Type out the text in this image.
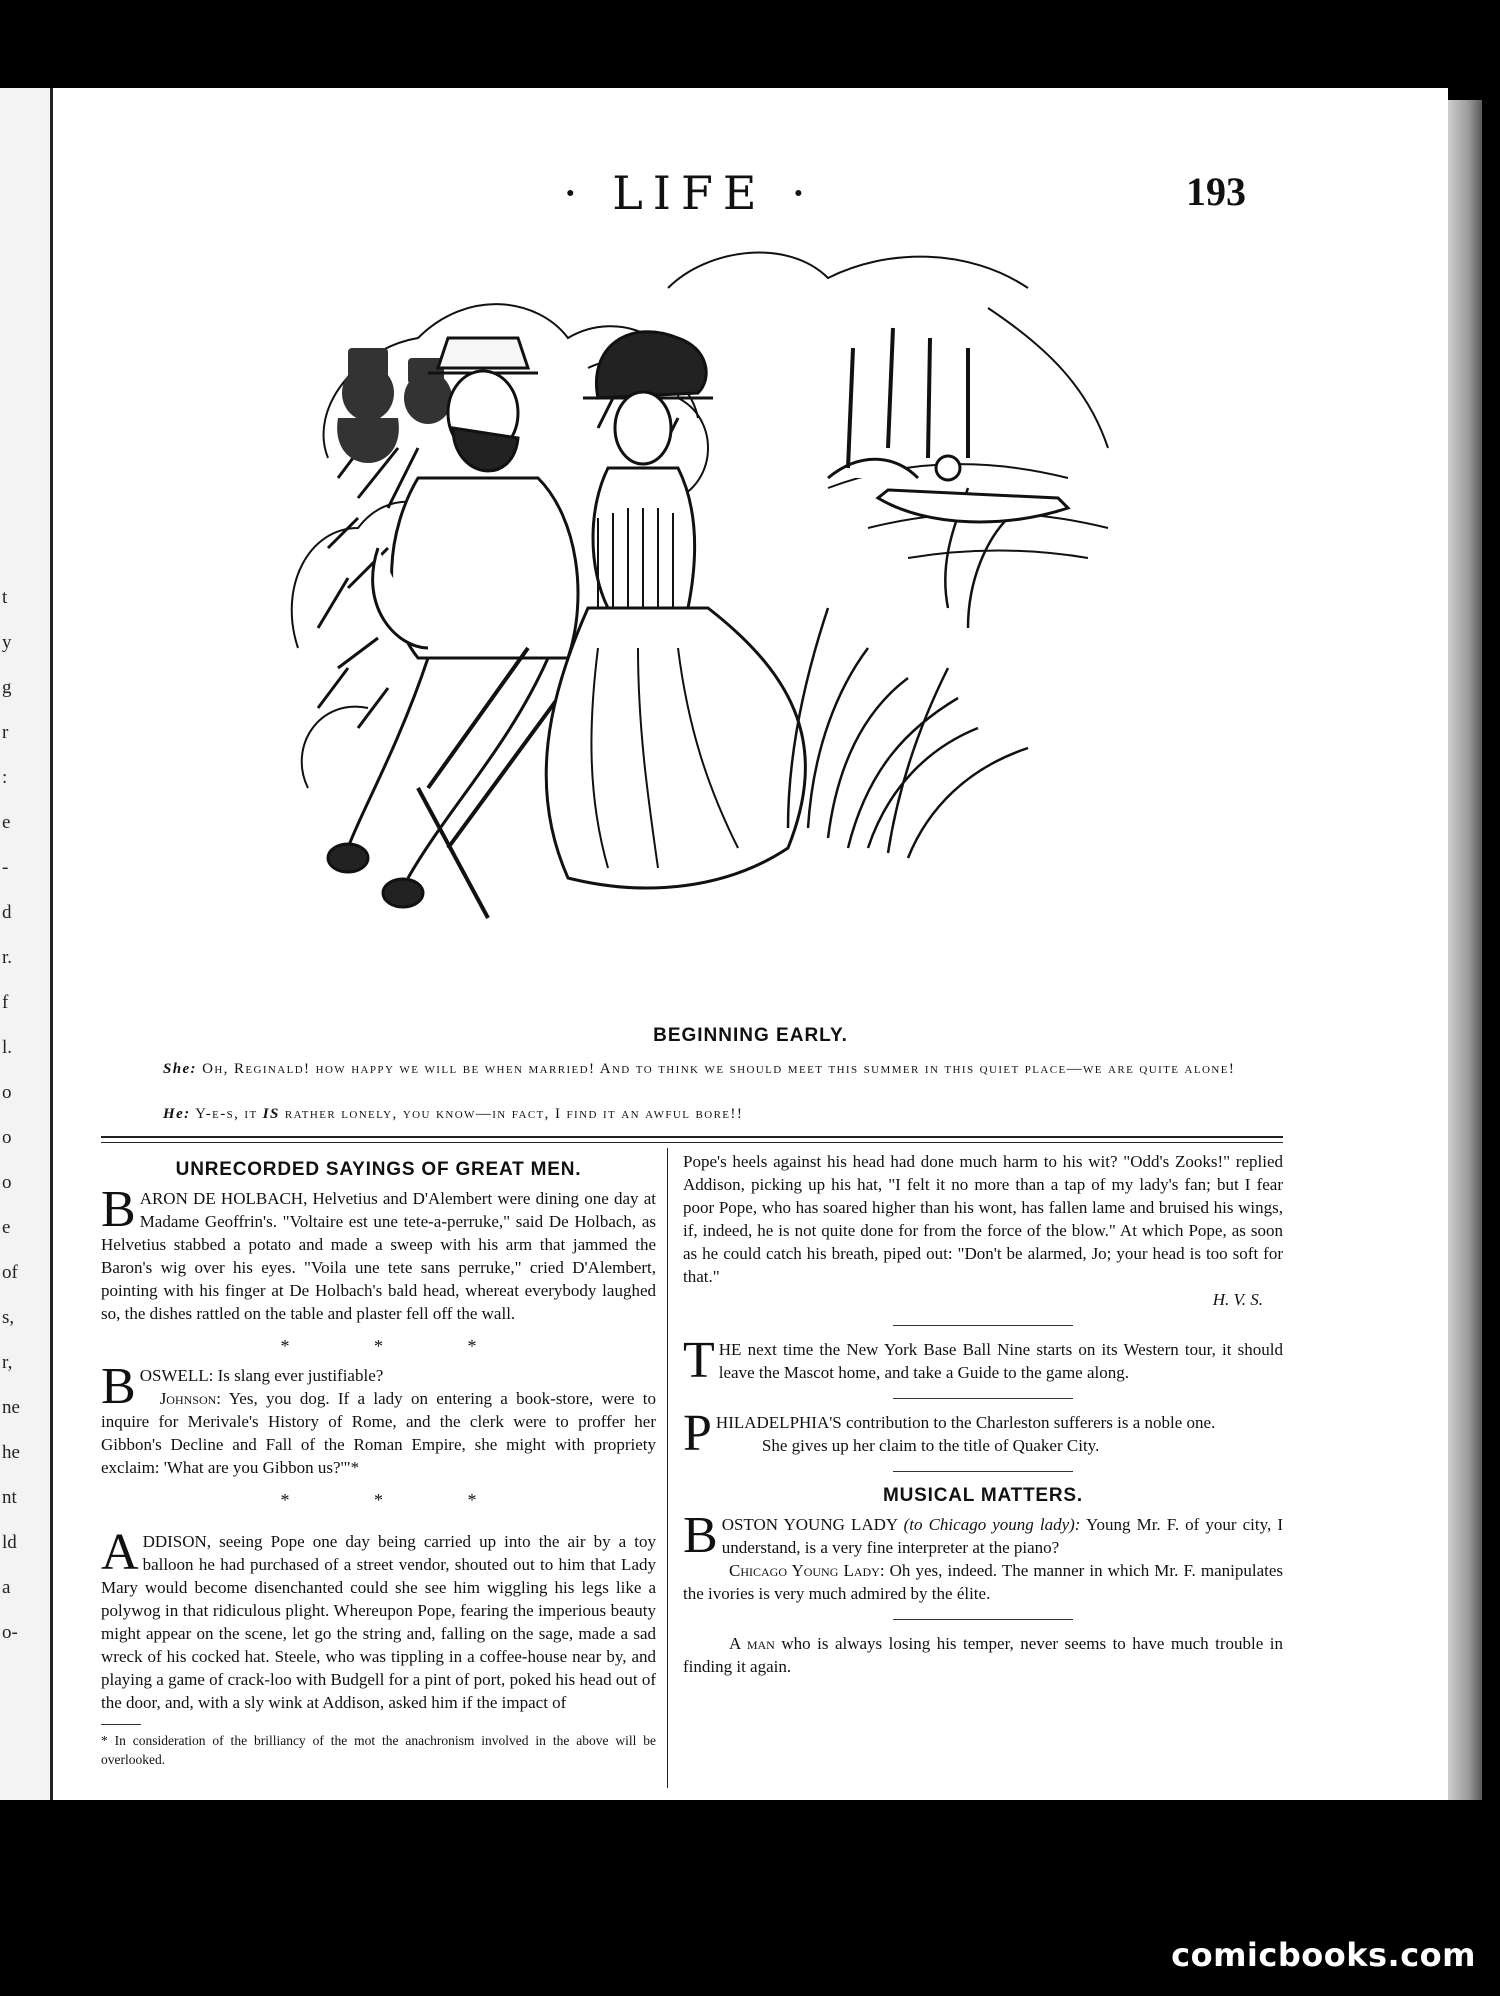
t
y
g
r
:
e
-
d
r.
f
l.
o
o
o
e
of
s,
r,
ne
he
nt
ld
a
o-
· LIFE ·	193
BEGINNING EARLY.
She: Oh, Reginald! how happy we will be when married! And to think we should meet this summer in this quiet place—we are quite alone!
He: Y-e-s, it IS rather lonely, you know—in fact, I find it an awful bore!!
UNRECORDED SAYINGS OF GREAT MEN.

BARON DE HOLBACH, Helvetius and D'Alembert were dining one day at Madame Geoffrin's. "Voltaire est une tete-a-perruke," said De Holbach, as Helvetius stabbed a potato and made a sweep with his arm that jammed the Baron's wig over his eyes. "Voila une tete sans perruke," cried D'Alembert, pointing with his finger at De Holbach's bald head, whereat everybody laughed so, the dishes rattled on the table and plaster fell off the wall.

* * *

BOSWELL: Is slang ever justifiable?
Johnson: Yes, you dog. If a lady on entering a book-store, were to inquire for Merivale's History of Rome, and the clerk were to proffer her Gibbon's Decline and Fall of the Roman Empire, she might with propriety exclaim: 'What are you Gibbon us?'"*

* * *

ADDISON, seeing Pope one day being carried up into the air by a toy balloon he had purchased of a street vendor, shouted out to him that Lady Mary would become disenchanted could she see him wiggling his legs like a polywog in that ridiculous plight. Whereupon Pope, fearing the imperious beauty might appear on the scene, let go the string and, falling on the sage, made a sad wreck of his cocked hat. Steele, who was tippling in a coffee-house near by, and playing a game of crack-loo with Budgell for a pint of port, poked his head out of the door, and, with a sly wink at Addison, asked him if the impact of

* In consideration of the brilliancy of the mot the anachronism involved in the above will be overlooked.

Pope's heels against his head had done much harm to his wit? "Odd's Zooks!" replied Addison, picking up his hat, "I felt it no more than a tap of my lady's fan; but I fear poor Pope, who has soared higher than his wont, has fallen lame and bruised his wings, if, indeed, he is not quite done for from the force of the blow." At which Pope, as soon as he could catch his breath, piped out: "Don't be alarmed, Jo; your head is too soft for that."

H. V. S.

THE next time the New York Base Ball Nine starts on its Western tour, it should leave the Mascot home, and take a Guide to the game along.

PHILADELPHIA'S contribution to the Charleston sufferers is a noble one.

She gives up her claim to the title of Quaker City.

MUSICAL MATTERS.

BOSTON YOUNG LADY (to Chicago young lady): Young Mr. F. of your city, I understand, is a very fine interpreter at the piano?

Chicago Young Lady: Oh yes, indeed. The manner in which Mr. F. manipulates the ivories is very much admired by the élite.

A man who is always losing his temper, never seems to have much trouble in finding it again.

comicbooks.com
